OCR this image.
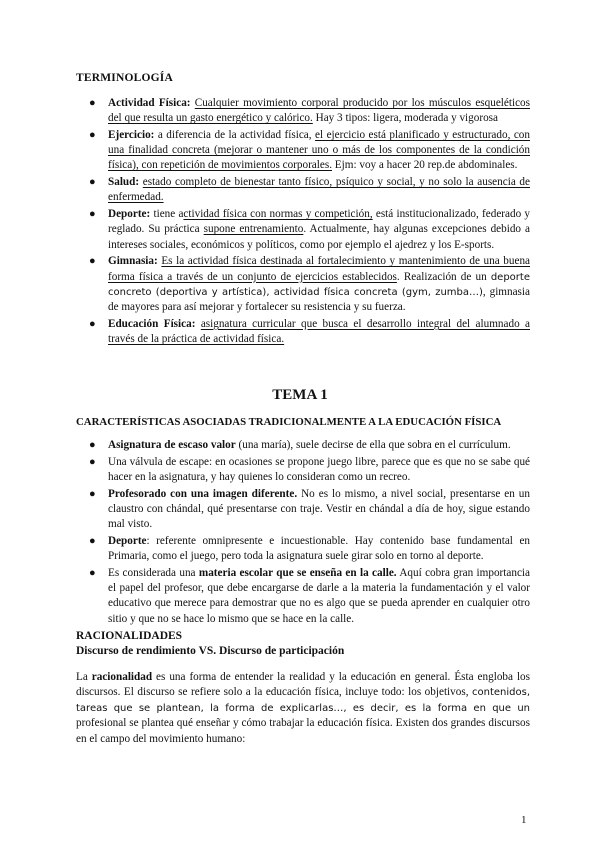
TERMINOLOGÍA
● Actividad Física: Cualquier movimiento corporal producido por los músculos esqueléticos del que resulta un gasto energético y calórico. Hay 3 tipos: ligera, moderada y vigorosa
● Ejercicio: a diferencia de la actividad física, el ejercicio está planificado y estructurado, con una finalidad concreta (mejorar o mantener uno o más de los componentes de la condición física), con repetición de movimientos corporales. Ejm: voy a hacer 20 rep.de abdominales.
● Salud: estado completo de bienestar tanto físico, psíquico y social, y no solo la ausencia de enfermedad.
● Deporte: tiene actividad física con normas y competición, está institucionalizado, federado y reglado. Su práctica supone entrenamiento. Actualmente, hay algunas excepciones debido a intereses sociales, económicos y políticos, como por ejemplo el ajedrez y los E-sports.
● Gimnasia: Es la actividad física destinada al fortalecimiento y mantenimiento de una buena forma física a través de un conjunto de ejercicios establecidos. Realización de un deporte concreto (deportiva y artística), actividad física concreta (gym, zumba…), gimnasia de mayores para así mejorar y fortalecer su resistencia y su fuerza.
● Educación Física: asignatura curricular que busca el desarrollo integral del alumnado a través de la práctica de actividad física.
TEMA 1
CARACTERÍSTICAS ASOCIADAS TRADICIONALMENTE A LA EDUCACIÓN FÍSICA
● Asignatura de escaso valor (una maría), suele decirse de ella que sobra en el currículum.
● Una válvula de escape: en ocasiones se propone juego libre, parece que es que no se sabe qué hacer en la asignatura, y hay quienes lo consideran como un recreo.
● Profesorado con una imagen diferente. No es lo mismo, a nivel social, presentarse en un claustro con chándal, qué presentarse con traje. Vestir en chándal a día de hoy, sigue estando mal visto.
● Deporte: referente omnipresente e incuestionable. Hay contenido base fundamental en Primaria, como el juego, pero toda la asignatura suele girar solo en torno al deporte.
● Es considerada una materia escolar que se enseña en la calle. Aquí cobra gran importancia el papel del profesor, que debe encargarse de darle a la materia la fundamentación y el valor educativo que merece para demostrar que no es algo que se pueda aprender en cualquier otro sitio y que no se hace lo mismo que se hace en la calle.
RACIONALIDADES
Discurso de rendimiento VS. Discurso de participación

La racionalidad es una forma de entender la realidad y la educación en general. Ésta engloba los discursos. El discurso se refiere solo a la educación física, incluye todo: los objetivos, contenidos, tareas que se plantean, la forma de explicarlas…, es decir, es la forma en que un profesional se plantea qué enseñar y cómo trabajar la educación física. Existen dos grandes discursos en el campo del movimiento humano:

1
